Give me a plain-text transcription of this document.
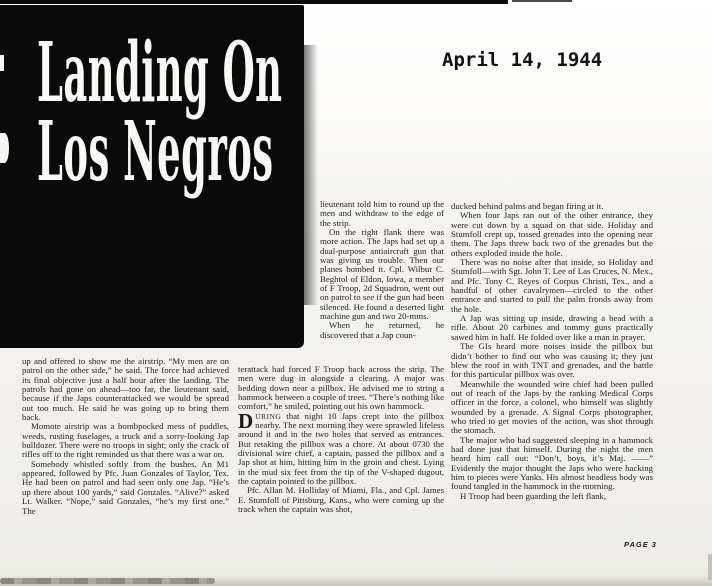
Landing On
Los Negros
April 14, 1944

lieutenant told him to round up the men and withdraw to the edge of the strip.

On the right flank there was more action. The Japs had set up a dual-purpose antiaircraft gun that was giving us trouble. Then our planes bombed it. Cpl. Wilbur C. Beghtol of Eldon, Iowa, a member of F Troop, 2d Squadron, went out on patrol to see if the gun had been silenced. He found a deserted light machine gun and two 20-mms.

When he returned, he discovered that a Jap coun-

up and offered to show me the airstrip. “My men are on patrol on the other side,” he said. The force had achieved its final objective just a half hour after the landing. The patrols had gone on ahead—too far, the lieutenant said, because if the Japs counterattacked we would be spread out too much. He said he was going up to bring them back.

Momote airstrip was a bombpocked mess of puddles, weeds, rusting fuselages, a truck and a sorry-looking Jap bulldozer. There were no troops in sight; only the crack of rifles off to the right reminded us that there was a war on.

Somebody whistled softly from the bushes. An M1 appeared, followed by Pfc. Juan Gonzales of Taylor, Tex. He had been on patrol and had seen only one Jap. “He’s up there about 100 yards,” said Gonzales. “Alive?” asked Lt. Walker. “Nope,” said Gonzales, “he’s my first one.” The

terattack had forced F Troop back across the strip. The men were dug in alongside a clearing. A major was bedding down near a pillbox. He advised me to string a hammock between a couple of trees. “There’s nothing like comfort,” he smiled, pointing out his own hammock.

DURING that night 10 Japs crept into the pillbox nearby. The next morning they were sprawled lifeless around it and in the two holes that served as entrances. But retaking the pillbox was a chore. At about 0730 the divisional wire chief, a captain, passed the pillbox and a Jap shot at him, hitting him in the groin and chest. Lying in the mud six feet from the tip of the V-shaped dugout, the captain pointed to the pillbox.

Pfc. Allan M. Holliday of Miami, Fla., and Cpl. James E. Stumfoll of Pittsburg, Kans., who were coming up the track when the captain was shot,

ducked behind palms and began firing at it.

When four Japs ran out of the other entrance, they were cut down by a squad on that side. Holiday and Stumfoll crept up, tossed grenades into the opening near them. The Japs threw back two of the grenades but the others exploded inside the hole.

There was no noise after that inside, so Holiday and Stumfoll—with Sgt. John T. Lee of Las Cruces, N. Mex., and Pfc. Tony C. Reyes of Corpus Christi, Tex., and a handful of other cavalrymen—circled to the other entrance and started to pull the palm fronds away from the hole.

A Jap was sitting up inside, drawing a bead with a rifle. About 20 carbines and tommy guns practically sawed him in half. He folded over like a man in prayer.

The GIs heard more noises inside the pillbox but didn’t bother to find out who was causing it; they just blew the roof in with TNT and grenades, and the battle for this particular pillbox was over.

Meanwhile the wounded wire chief had been pulled out of reach of the Japs by the ranking Medical Corps officer in the force, a colonel, who himself was slightly wounded by a grenade. A Signal Corps photographer, who tried to get movies of the action, was shot through the stomach.

The major who had suggested sleeping in a hammock had done just that himself. During the night the men heard him call out: “Don’t, boys, it’s Maj. ——” Evidently the major thought the Japs who were hacking him to pieces were Yanks. His almost headless body was found tangled in the hammock in the morning.

H Troop had been guarding the left flank,

PAGE 3
